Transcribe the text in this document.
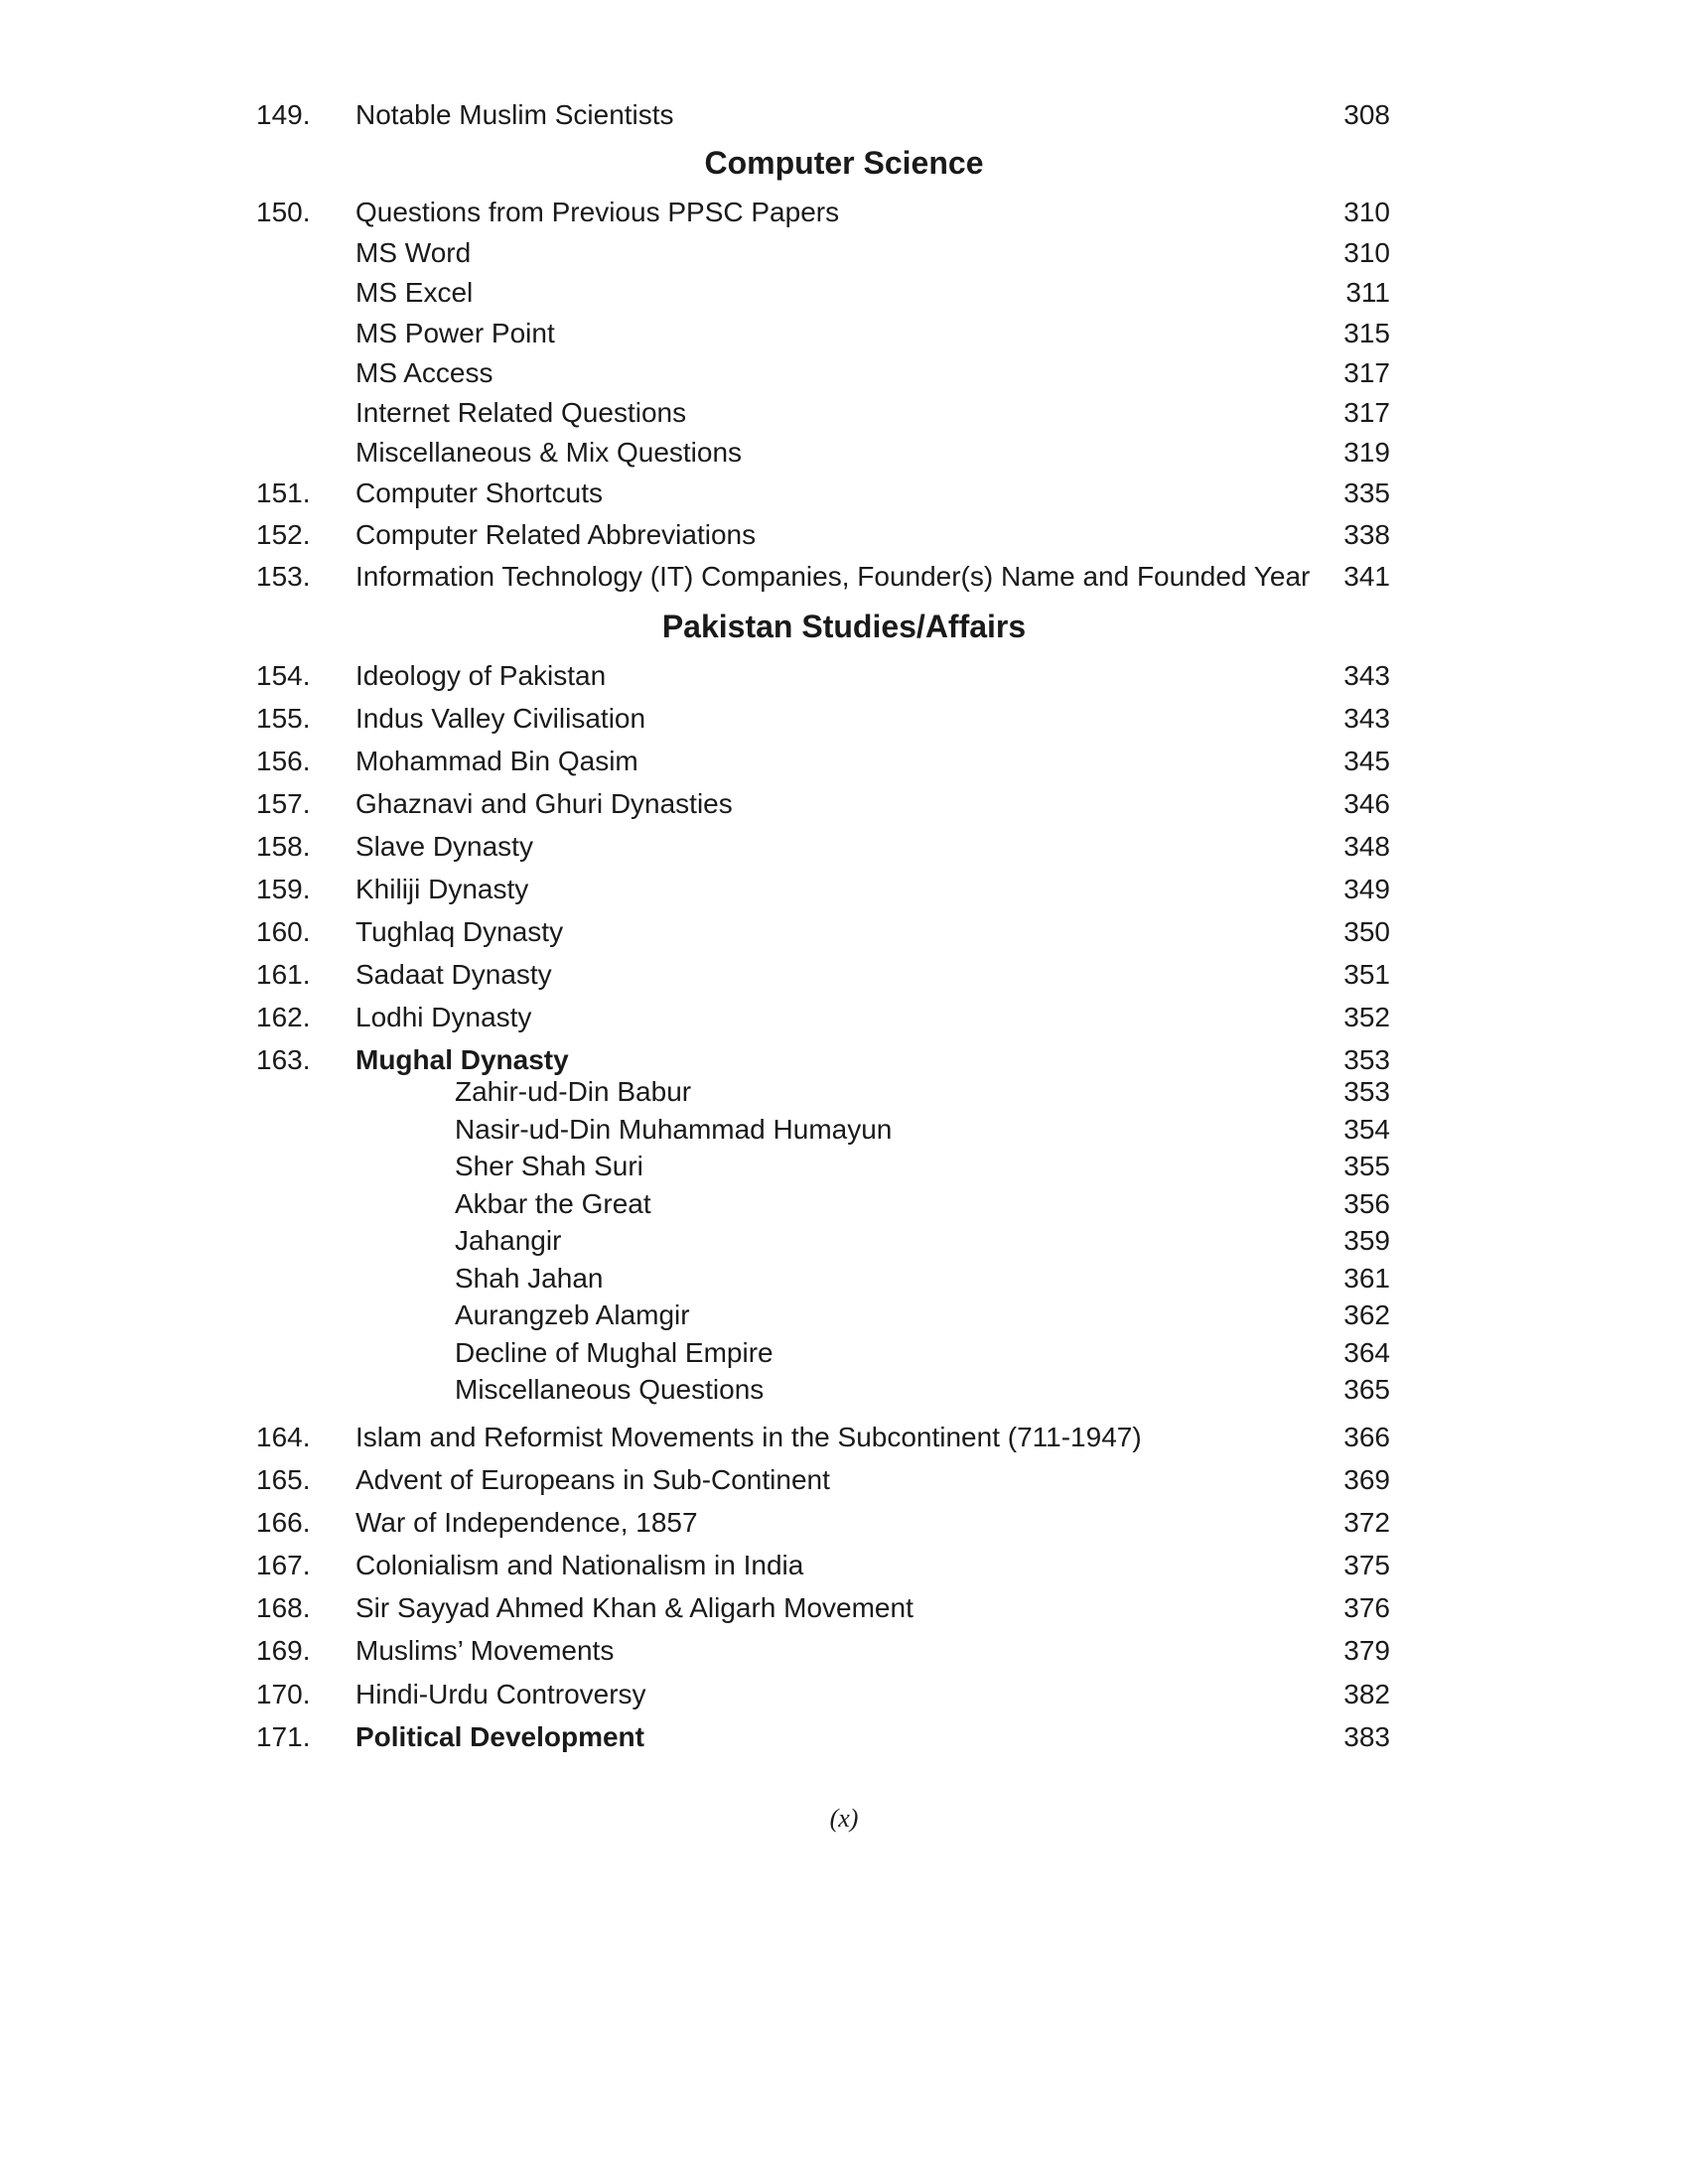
149. Notable Muslim Scientists	308
Computer Science
150. Questions from Previous PPSC Papers	310
MS Word	310
MS Excel	311
MS Power Point	315
MS Access	317
Internet Related Questions	317
Miscellaneous & Mix Questions	319
151. Computer Shortcuts	335
152. Computer Related Abbreviations	338
153. Information Technology (IT) Companies, Founder(s) Name and Founded Year	341
Pakistan Studies/Affairs
154. Ideology of Pakistan	343
155. Indus Valley Civilisation	343
156. Mohammad Bin Qasim	345
157. Ghaznavi and Ghuri Dynasties	346
158. Slave Dynasty	348
159. Khiliji Dynasty	349
160. Tughlaq Dynasty	350
161. Sadaat Dynasty	351
162. Lodhi Dynasty	352
163. Mughal Dynasty	353
Zahir-ud-Din Babur	353
Nasir-ud-Din Muhammad Humayun	354
Sher Shah Suri	355
Akbar the Great	356
Jahangir	359
Shah Jahan	361
Aurangzeb Alamgir	362
Decline of Mughal Empire	364
Miscellaneous Questions	365
164. Islam and Reformist Movements in the Subcontinent (711-1947)	366
165. Advent of Europeans in Sub-Continent	369
166. War of Independence, 1857	372
167. Colonialism and Nationalism in India	375
168. Sir Sayyad Ahmed Khan & Aligarh Movement	376
169. Muslims’ Movements	379
170. Hindi-Urdu Controversy	382
171. Political Development	383
(x)
